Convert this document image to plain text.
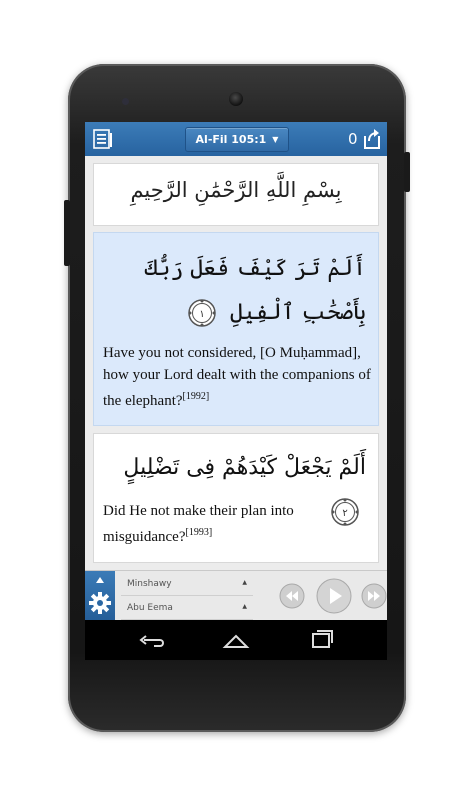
Al-Fil 105:1 ▼	0
بِسْمِ اللَّهِ الرَّحْمَٰنِ الرَّحِيمِ
أَلَمْ تَرَ كَيْفَ فَعَلَ رَبُّكَ بِأَصْحَٰبِ ٱلْفِيلِ
١
Have you not considered, [O Muḥammad], how your Lord dealt with the companions of the elephant?[1992]
أَلَمْ يَجْعَلْ كَيْدَهُمْ فِى تَضْلِيلٍ
٢
Did He not make their plan into misguidance?[1993]
Minshawy	▲
Abu Eema	▲
